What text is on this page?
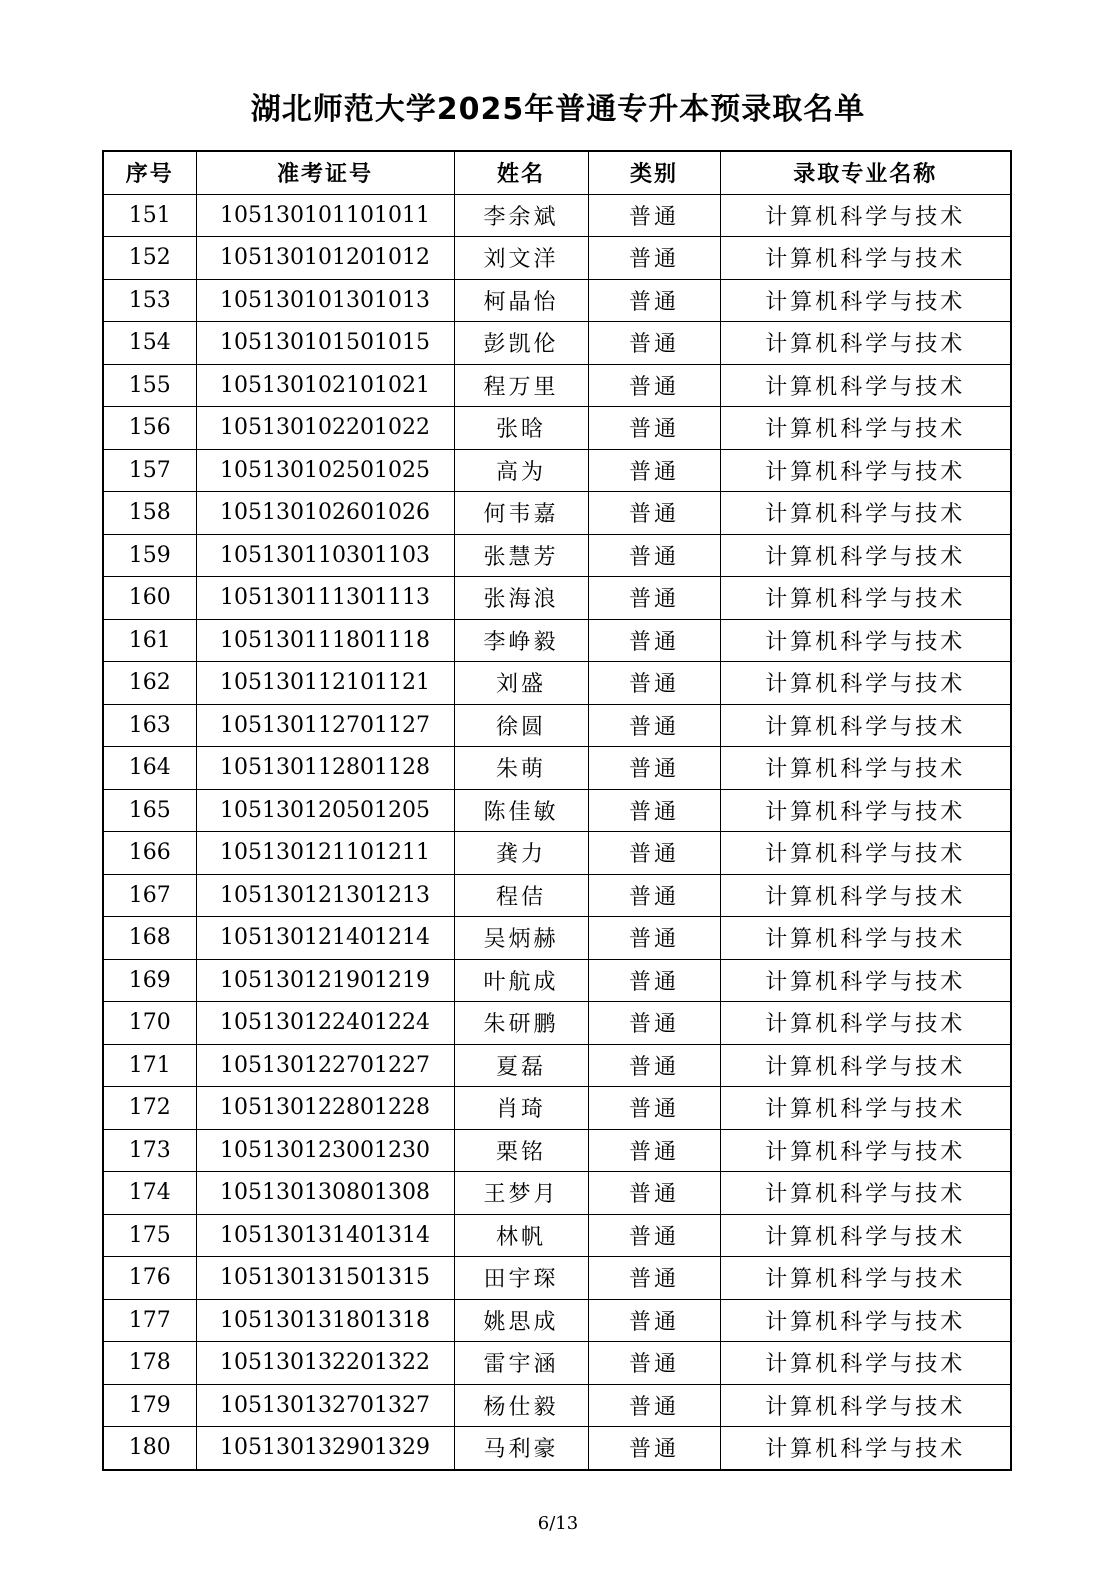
湖北师范大学2025年普通专升本预录取名单
序号	准考证号	姓名	类别	录取专业名称
151	105130101101011	李余斌	普通	计算机科学与技术
152	105130101201012	刘文洋	普通	计算机科学与技术
153	105130101301013	柯晶怡	普通	计算机科学与技术
154	105130101501015	彭凯伦	普通	计算机科学与技术
155	105130102101021	程万里	普通	计算机科学与技术
156	105130102201022	张晗	普通	计算机科学与技术
157	105130102501025	高为	普通	计算机科学与技术
158	105130102601026	何韦嘉	普通	计算机科学与技术
159	105130110301103	张慧芳	普通	计算机科学与技术
160	105130111301113	张海浪	普通	计算机科学与技术
161	105130111801118	李峥毅	普通	计算机科学与技术
162	105130112101121	刘盛	普通	计算机科学与技术
163	105130112701127	徐圆	普通	计算机科学与技术
164	105130112801128	朱萌	普通	计算机科学与技术
165	105130120501205	陈佳敏	普通	计算机科学与技术
166	105130121101211	龚力	普通	计算机科学与技术
167	105130121301213	程佶	普通	计算机科学与技术
168	105130121401214	吴炳赫	普通	计算机科学与技术
169	105130121901219	叶航成	普通	计算机科学与技术
170	105130122401224	朱研鹏	普通	计算机科学与技术
171	105130122701227	夏磊	普通	计算机科学与技术
172	105130122801228	肖琦	普通	计算机科学与技术
173	105130123001230	栗铭	普通	计算机科学与技术
174	105130130801308	王梦月	普通	计算机科学与技术
175	105130131401314	林帆	普通	计算机科学与技术
176	105130131501315	田宇琛	普通	计算机科学与技术
177	105130131801318	姚思成	普通	计算机科学与技术
178	105130132201322	雷宇涵	普通	计算机科学与技术
179	105130132701327	杨仕毅	普通	计算机科学与技术
180	105130132901329	马利豪	普通	计算机科学与技术
6/13
